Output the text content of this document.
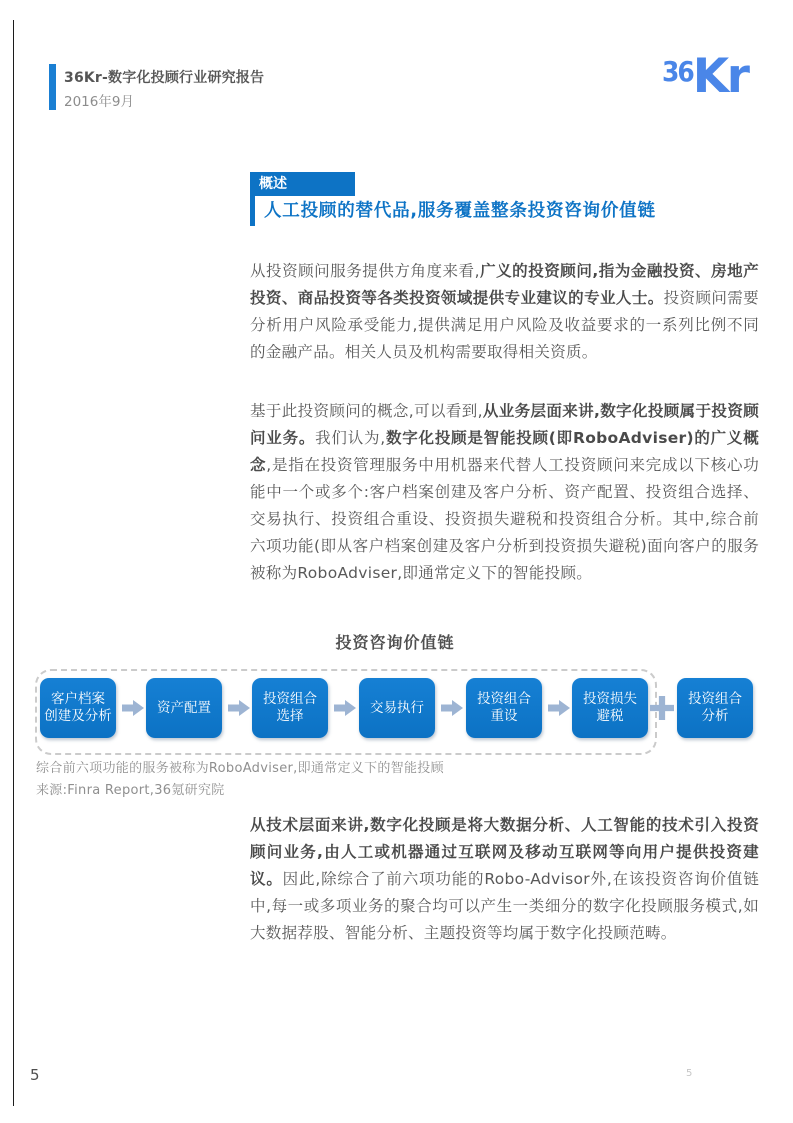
36Kr-数字化投顾行业研究报告
2016年9月
36 Kr
概述
人工投顾的替代品,服务覆盖整条投资咨询价值链

从投资顾问服务提供方角度来看,广义的投资顾问,指为金融投资、房地产投资、商品投资等各类投资领域提供专业建议的专业人士。投资顾问需要分析用户风险承受能力,提供满足用户风险及收益要求的一系列比例不同的金融产品。相关人员及机构需要取得相关资质。

基于此投资顾问的概念,可以看到,从业务层面来讲,数字化投顾属于投资顾问业务。我们认为,数字化投顾是智能投顾(即RoboAdviser)的广义概念,是指在投资管理服务中用机器来代替人工投资顾问来完成以下核心功能中一个或多个:客户档案创建及客户分析、资产配置、投资组合选择、交易执行、投资组合重设、投资损失避税和投资组合分析。其中,综合前六项功能(即从客户档案创建及客户分析到投资损失避税)面向客户的服务被称为RoboAdviser,即通常定义下的智能投顾。

从技术层面来讲,数字化投顾是将大数据分析、人工智能的技术引入投资顾问业务,由人工或机器通过互联网及移动互联网等向用户提供投资建议。因此,除综合了前六项功能的Robo-Advisor外,在该投资咨询价值链中,每一或多项业务的聚合均可以产生一类细分的数字化投顾服务模式,如大数据荐股、智能分析、主题投资等均属于数字化投顾范畴。

投资咨询价值链
客户档案
创建及分析
资产配置
投资组合
选择
交易执行
投资组合
重设
投资损失
避税
投资组合
分析
综合前六项功能的服务被称为RoboAdviser,即通常定义下的智能投顾
来源:Finra Report,36氪研究院
5	5
